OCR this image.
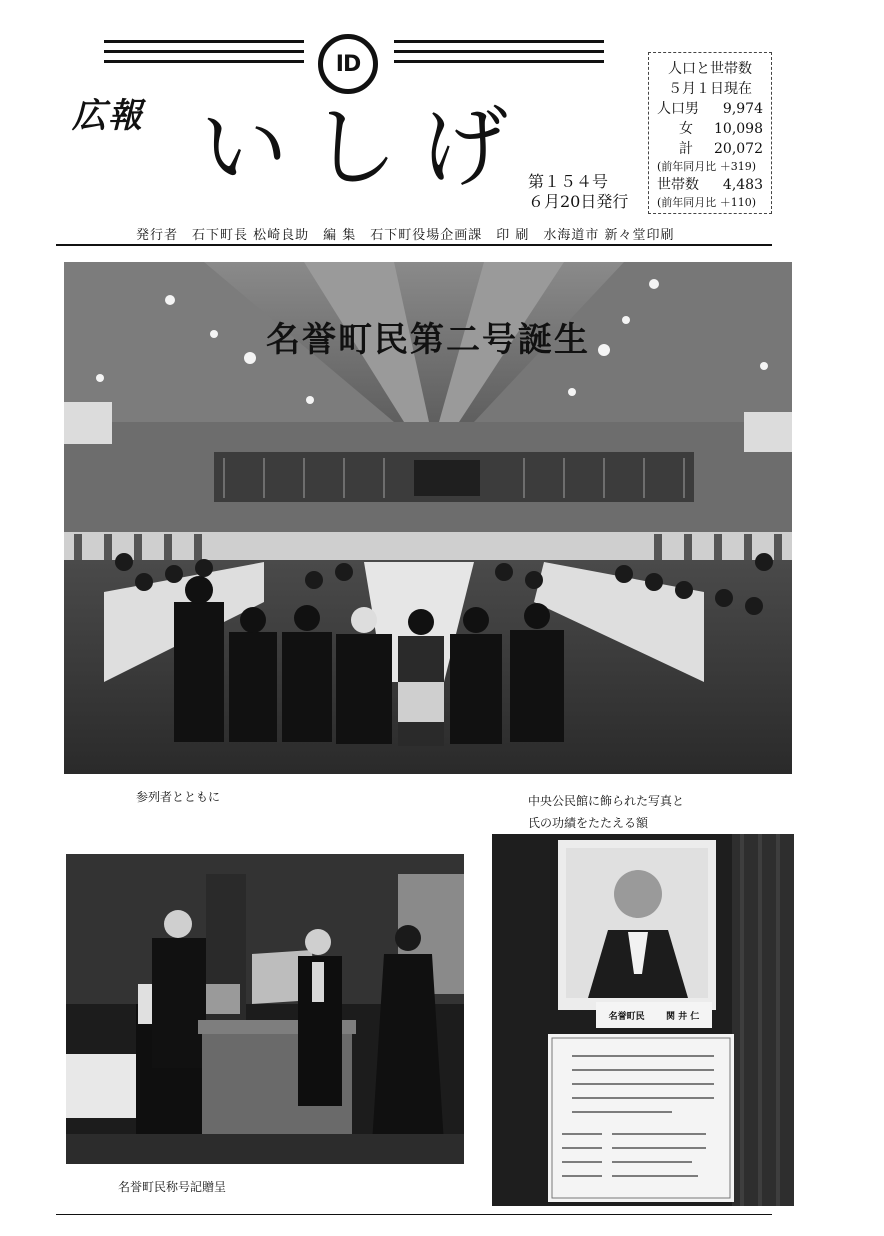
ID
広報 いしげ
第１５４号
６月20日発行
人口と世帯数
５月１日現在
人口男 9,974
女 10,098
計 20,072
(前年同月比 ＋319)
世帯数 4,483
(前年同月比 ＋110)
発行者　石下町長 松崎良助　編 集　石下町役場企画課　印 刷　水海道市 新々堂印刷
名誉町民第二号誕生
参列者とともに	中央公民館に飾られた写真と
氏の功績をたたえる額
名誉町民称号記贈呈
名誉町民 関 井 仁
